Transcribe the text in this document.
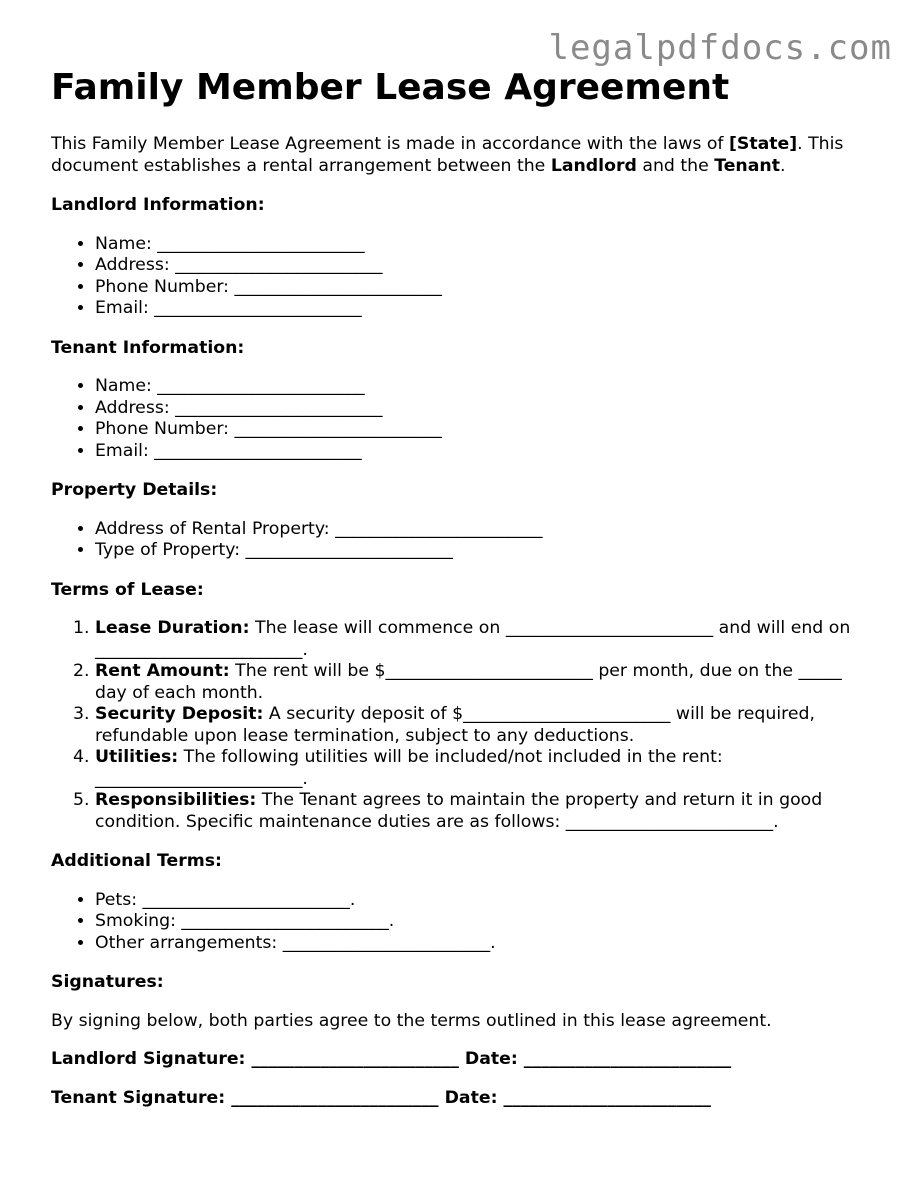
legalpdfdocs.com
Family Member Lease Agreement

This Family Member Lease Agreement is made in accordance with the laws of [State]. This document establishes a rental arrangement between the Landlord and the Tenant.

Landlord Information:
• Name: ________________________
• Address: ________________________
• Phone Number: ________________________
• Email: ________________________
Tenant Information:
• Name: ________________________
• Address: ________________________
• Phone Number: ________________________
• Email: ________________________
Property Details:
• Address of Rental Property: ________________________
• Type of Property: ________________________
Terms of Lease:
1. Lease Duration: The lease will commence on ________________________ and will end on ________________________.
2. Rent Amount: The rent will be $________________________ per month, due on the _____ day of each month.
3. Security Deposit: A security deposit of $________________________ will be required, refundable upon lease termination, subject to any deductions.
4. Utilities: The following utilities will be included/not included in the rent: ________________________.
5. Responsibilities: The Tenant agrees to maintain the property and return it in good condition. Specific maintenance duties are as follows: ________________________.
Additional Terms:
• Pets: ________________________.
• Smoking: ________________________.
• Other arrangements: ________________________.
Signatures:

By signing below, both parties agree to the terms outlined in this lease agreement.

Landlord Signature: ________________________ Date: ________________________

Tenant Signature: ________________________ Date: ________________________
